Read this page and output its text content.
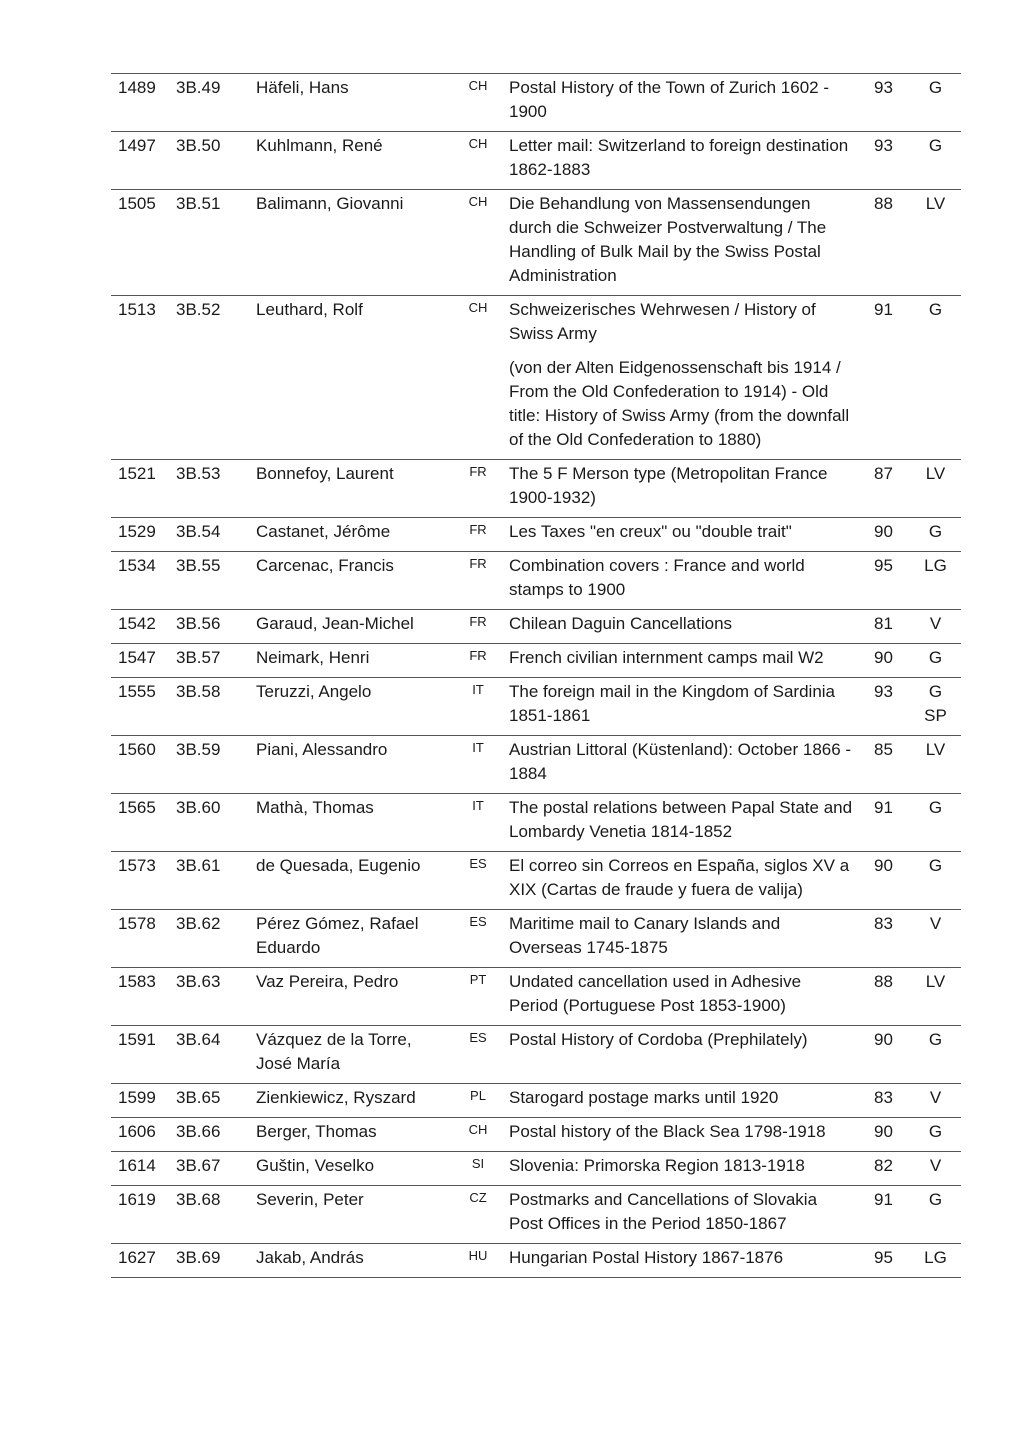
1489	3B.49	Häfeli, Hans	CH	Postal History of the Town of Zurich 1602 - 1900	93	G

1497	3B.50	Kuhlmann, René	CH	Letter mail: Switzerland to foreign destination 1862-1883	93	G

1505	3B.51	Balimann, Giovanni	CH	Die Behandlung von Massensendungen durch die Schweizer Postverwaltung / The Handling of Bulk Mail by the Swiss Postal Administration	88	LV

1513	3B.52	Leuthard, Rolf	CH	Schweizerisches Wehrwesen / History of Swiss Army
(von der Alten Eidgenossenschaft bis 1914 / From the Old Confederation to 1914) - Old title: History of Swiss Army (from the downfall of the Old Confederation to 1880)	91	G

1521	3B.53	Bonnefoy, Laurent	FR	The 5 F Merson type (Metropolitan France 1900-1932)	87	LV

1529	3B.54	Castanet, Jérôme	FR	Les Taxes "en creux" ou "double trait"	90	G

1534	3B.55	Carcenac, Francis	FR	Combination covers : France and world stamps to 1900	95	LG

1542	3B.56	Garaud, Jean-Michel	FR	Chilean Daguin Cancellations	81	V

1547	3B.57	Neimark, Henri	FR	French civilian internment camps mail W2	90	G

1555	3B.58	Teruzzi, Angelo	IT	The foreign mail in the Kingdom of Sardinia 1851-1861	93	G
SP

1560	3B.59	Piani, Alessandro	IT	Austrian Littoral (Küstenland): October 1866 - 1884	85	LV

1565	3B.60	Mathà, Thomas	IT	The postal relations between Papal State and Lombardy Venetia 1814-1852	91	G

1573	3B.61	de Quesada, Eugenio	ES	El correo sin Correos en España, siglos XV a XIX (Cartas de fraude y fuera de valija)	90	G

1578	3B.62	Pérez Gómez, Rafael Eduardo	ES	Maritime mail to Canary Islands and Overseas 1745-1875	83	V

1583	3B.63	Vaz Pereira, Pedro	PT	Undated cancellation used in Adhesive Period (Portuguese Post 1853-1900)	88	LV

1591	3B.64	Vázquez de la Torre, José María	ES	Postal History of Cordoba (Prephilately)	90	G

1599	3B.65	Zienkiewicz, Ryszard	PL	Starogard postage marks until 1920	83	V

1606	3B.66	Berger, Thomas	CH	Postal history of the Black Sea 1798-1918	90	G

1614	3B.67	Guštin, Veselko	SI	Slovenia: Primorska Region 1813-1918	82	V

1619	3B.68	Severin, Peter	CZ	Postmarks and Cancellations of Slovakia Post Offices in the Period 1850-1867	91	G

1627	3B.69	Jakab, András	HU	Hungarian Postal History 1867-1876	95	LG
